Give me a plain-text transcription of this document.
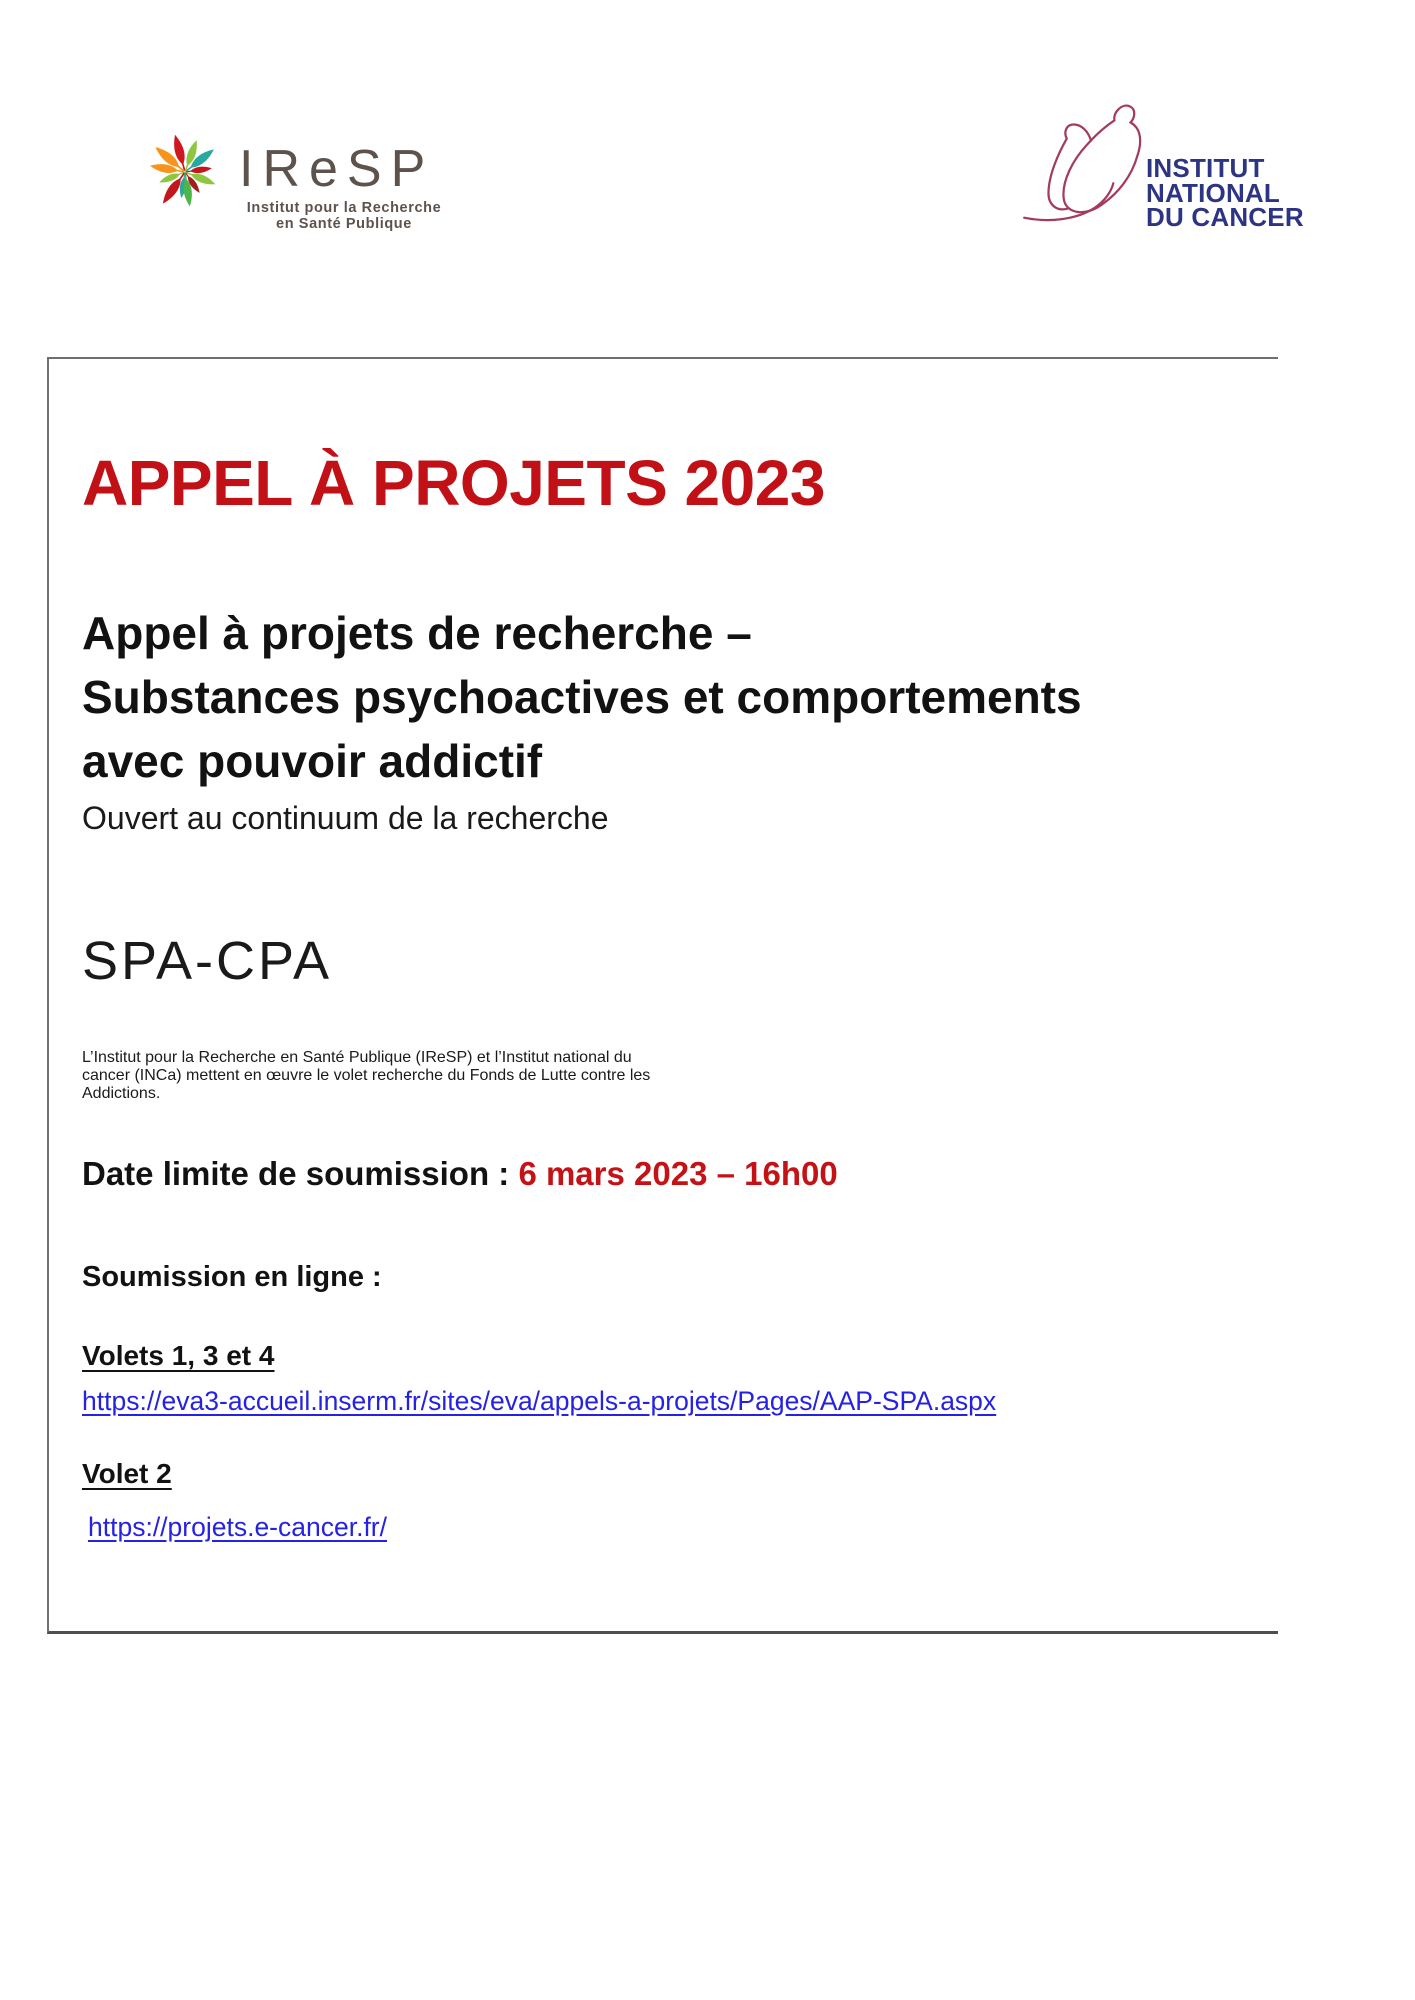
IReSP
Institut pour la Recherche
en Santé Publique
INSTITUT
NATIONAL
DU CANCER
APPEL À PROJETS 2023
Appel à projets de recherche –
Substances psychoactives et comportements
avec pouvoir addictif

Ouvert au continuum de la recherche

SPA-CPA

L’Institut pour la Recherche en Santé Publique (IReSP) et l’Institut national du
cancer (INCa) mettent en œuvre le volet recherche du Fonds de Lutte contre les
Addictions.

Date limite de soumission : 6 mars 2023 – 16h00

Soumission en ligne :

Volets 1, 3 et 4
https://eva3-accueil.inserm.fr/sites/eva/appels-a-projets/Pages/AAP-SPA.aspx
Volet 2
https://projets.e-cancer.fr/
